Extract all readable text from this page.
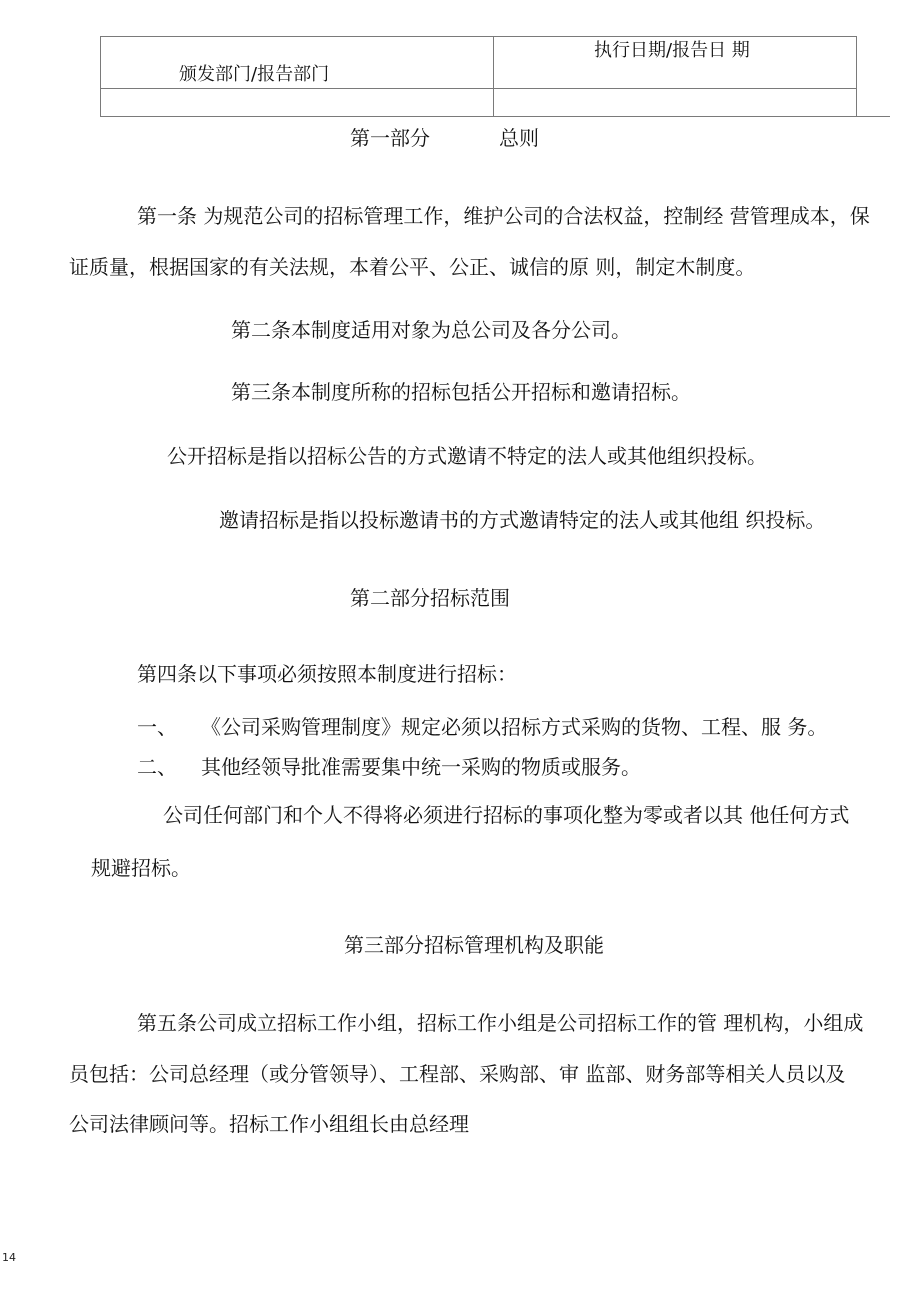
颁发部门/报告部门
执行日期/报告日 期
第一部分	总则
第一条 为规范公司的招标管理工作，维护公司的合法权益，控制经 营管理成本，保
证质量，根据国家的有关法规，本着公平、公正、诚信的原 则，制定木制度。
第二条本制度适用对象为总公司及各分公司。
第三条本制度所称的招标包括公开招标和邀请招标。
公开招标是指以招标公告的方式邀请不特定的法人或其他组织投标。
邀请招标是指以投标邀请书的方式邀请特定的法人或其他组 织投标。
第二部分招标范围
第四条以下事项必须按照本制度进行招标：
一、 《公司采购管理制度》规定必须以招标方式采购的货物、工程、服 务。
二、 其他经领导批准需要集中统一采购的物质或服务。
公司任何部门和个人不得将必须进行招标的事项化整为零或者以其 他任何方式
规避招标。
第三部分招标管理机构及职能
第五条公司成立招标工作小组，招标工作小组是公司招标工作的管 理机构，小组成
员包括：公司总经理（或分管领导）、工程部、采购部、审 监部、财务部等相关人员以及
公司法律顾问等。招标工作小组组长由总经理
14
